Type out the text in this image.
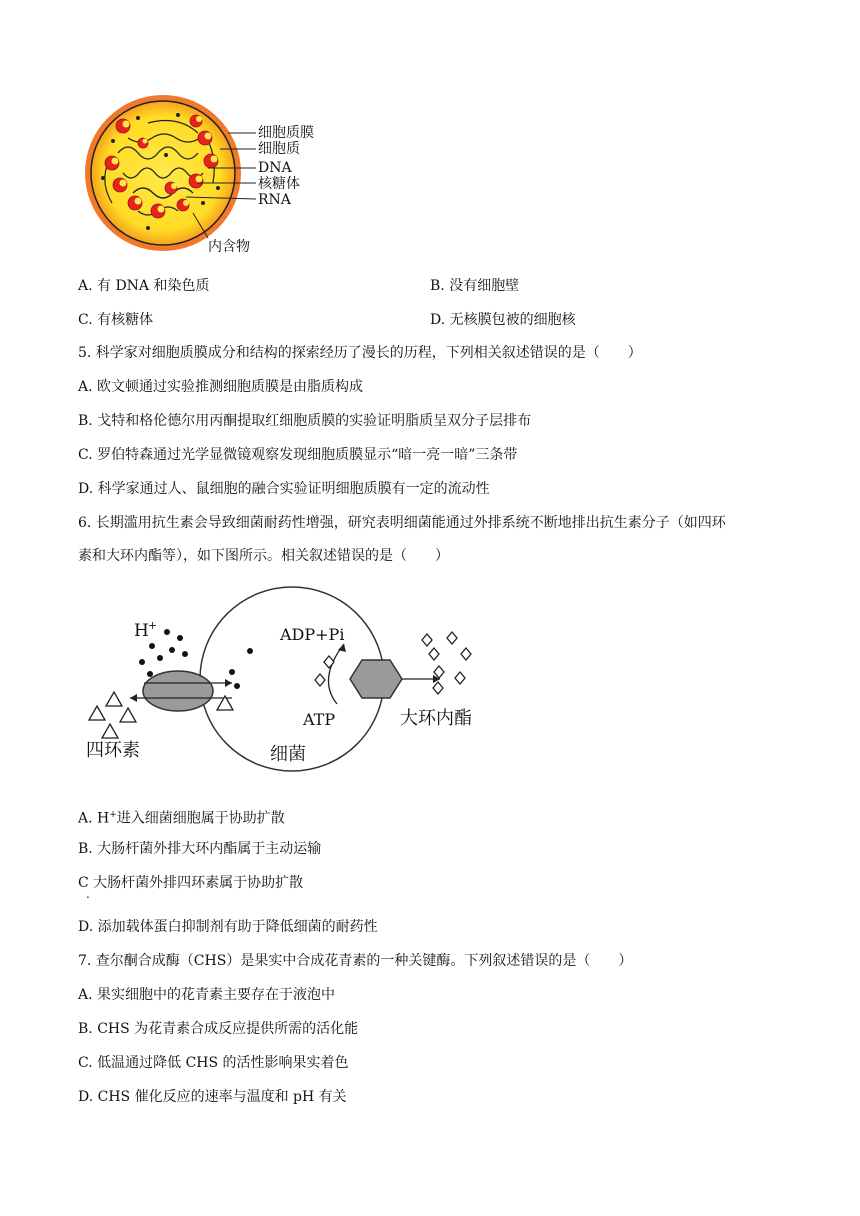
细胞质膜
细胞质
DNA
核糖体
RNA
内含物
A. 有 DNA 和染色质	B. 没有细胞壁
C. 有核糖体	D. 无核膜包被的细胞核
5. 科学家对细胞质膜成分和结构的探索经历了漫长的历程，下列相关叙述错误的是（　　）
A. 欧文顿通过实验推测细胞质膜是由脂质构成
B. 戈特和格伦德尔用丙酮提取红细胞质膜的实验证明脂质呈双分子层排布
C. 罗伯特森通过光学显微镜观察发现细胞质膜显示“暗一亮一暗”三条带
D. 科学家通过人、鼠细胞的融合实验证明细胞质膜有一定的流动性
6. 长期滥用抗生素会导致细菌耐药性增强，研究表明细菌能通过外排系统不断地排出抗生素分子（如四环
素和大环内酯等），如下图所示。相关叙述错误的是（　　）
H +	ADP+Pi
ATP	大环内酯
四环素	细菌
A. H+进入细菌细胞属于协助扩散
B. 大肠杆菌外排大环内酯属于主动运输
C 大肠杆菌外排四环素属于协助扩散
.
D. 添加载体蛋白抑制剂有助于降低细菌的耐药性
7. 查尔酮合成酶（CHS）是果实中合成花青素的一种关键酶。下列叙述错误的是（　　）
A. 果实细胞中的花青素主要存在于液泡中
B. CHS 为花青素合成反应提供所需的活化能
C. 低温通过降低 CHS 的活性影响果实着色
D. CHS 催化反应的速率与温度和 pH 有关
